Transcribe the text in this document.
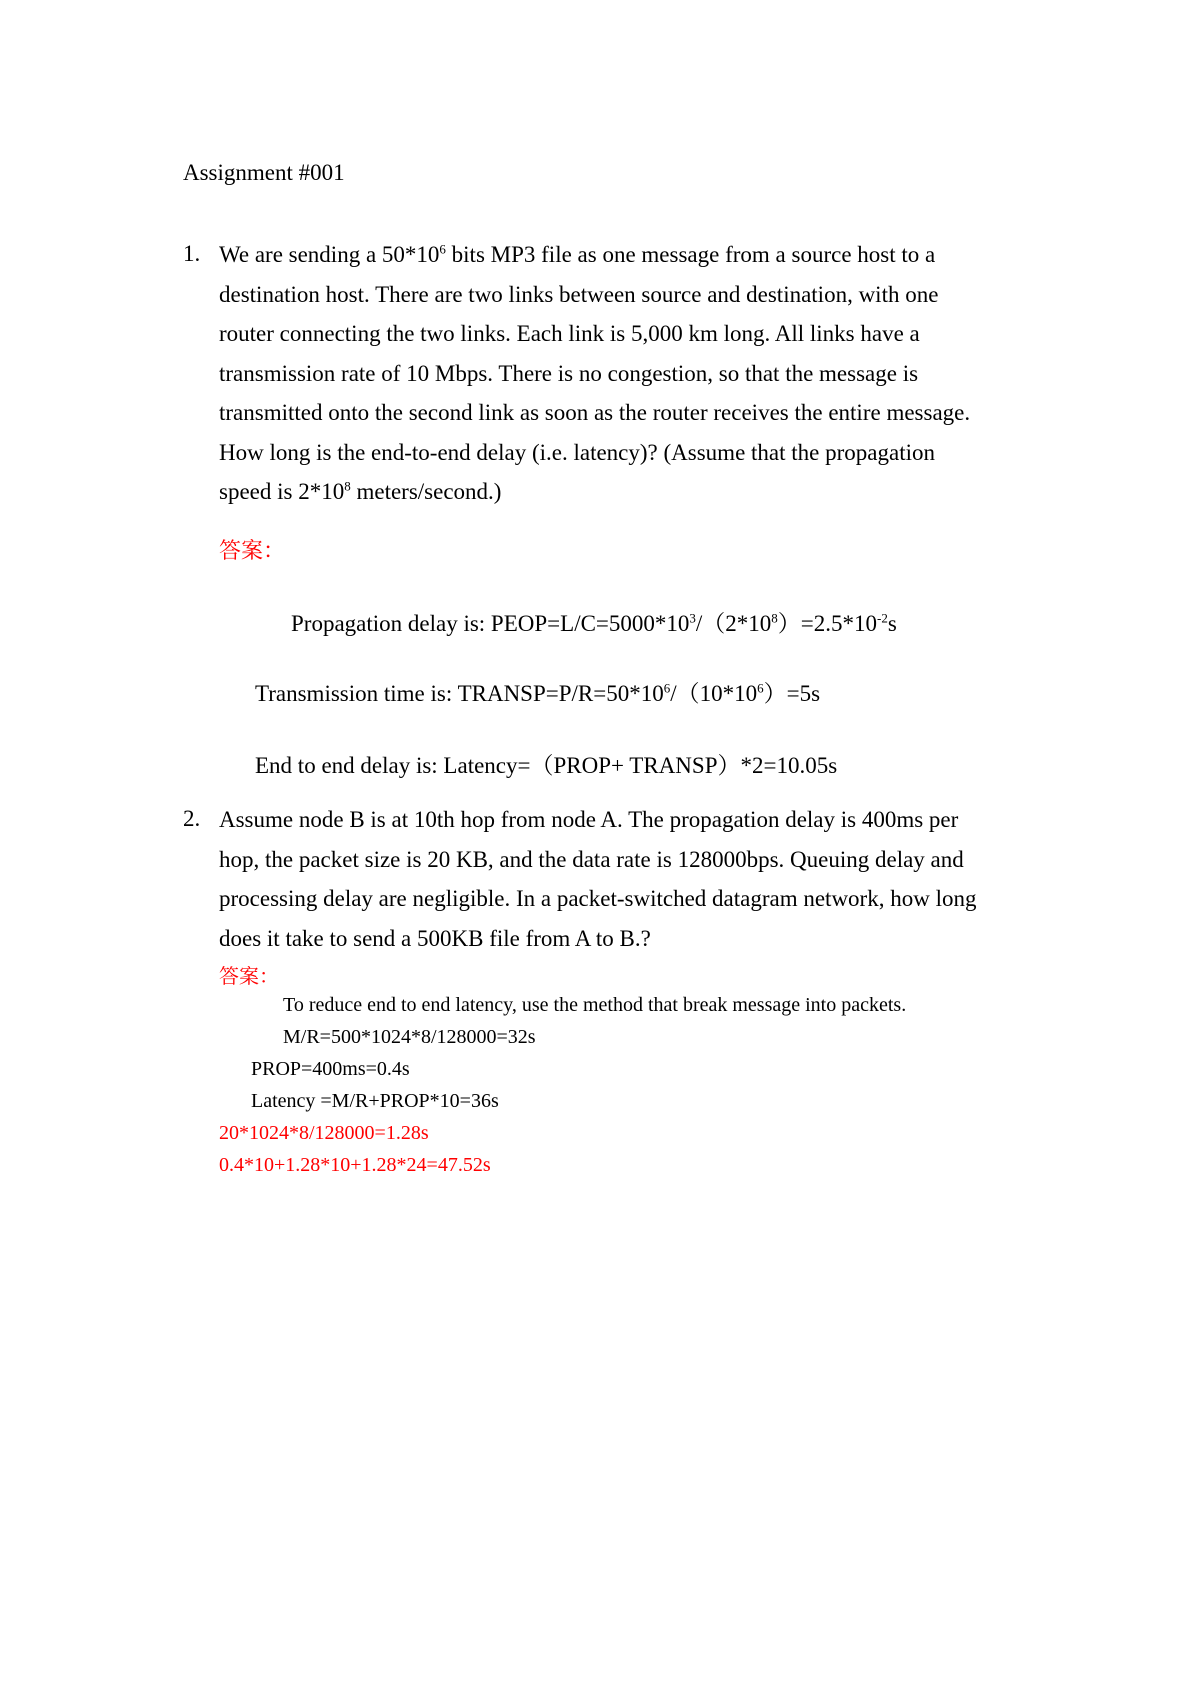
Assignment #001
1. We are sending a $50*10^6$ bits MP3 file as one message from a source host to a
destination host. There are two links between source and destination, with one
router connecting the two links. Each link is 5,000 km long. All links have a
transmission rate of 10 Mbps. There is no congestion, so that the message is
transmitted onto the second link as soon as the router receives the entire message.
How long is the end-to-end delay (i.e. latency)? (Assume that the propagation
speed is $2*10^8$ meters/second.)
答案：
Propagation delay is: $PEOP=L/C=5000*10^3/(2*10^8)=2.5*10^{-2}s$
Transmission time is: $TRANSP=P/R=50*10^6/(10*10^6)=5s$
End to end delay is: Latency=（PROP+ TRANSP）*2=10.05s
2. Assume node B is at 10th hop from node A. The propagation delay is 400ms per
hop, the packet size is 20 KB, and the data rate is 128000bps. Queuing delay and
processing delay are negligible. In a packet-switched datagram network, how long
does it take to send a 500KB file from A to B.?
答案：
To reduce end to end latency, use the method that break message into packets.
M/R=500*1024*8/128000=32s
PROP=400ms=0.4s
Latency =M/R+PROP*10=36s
20*1024*8/128000=1.28s
0.4*10+1.28*10+1.28*24=47.52s
